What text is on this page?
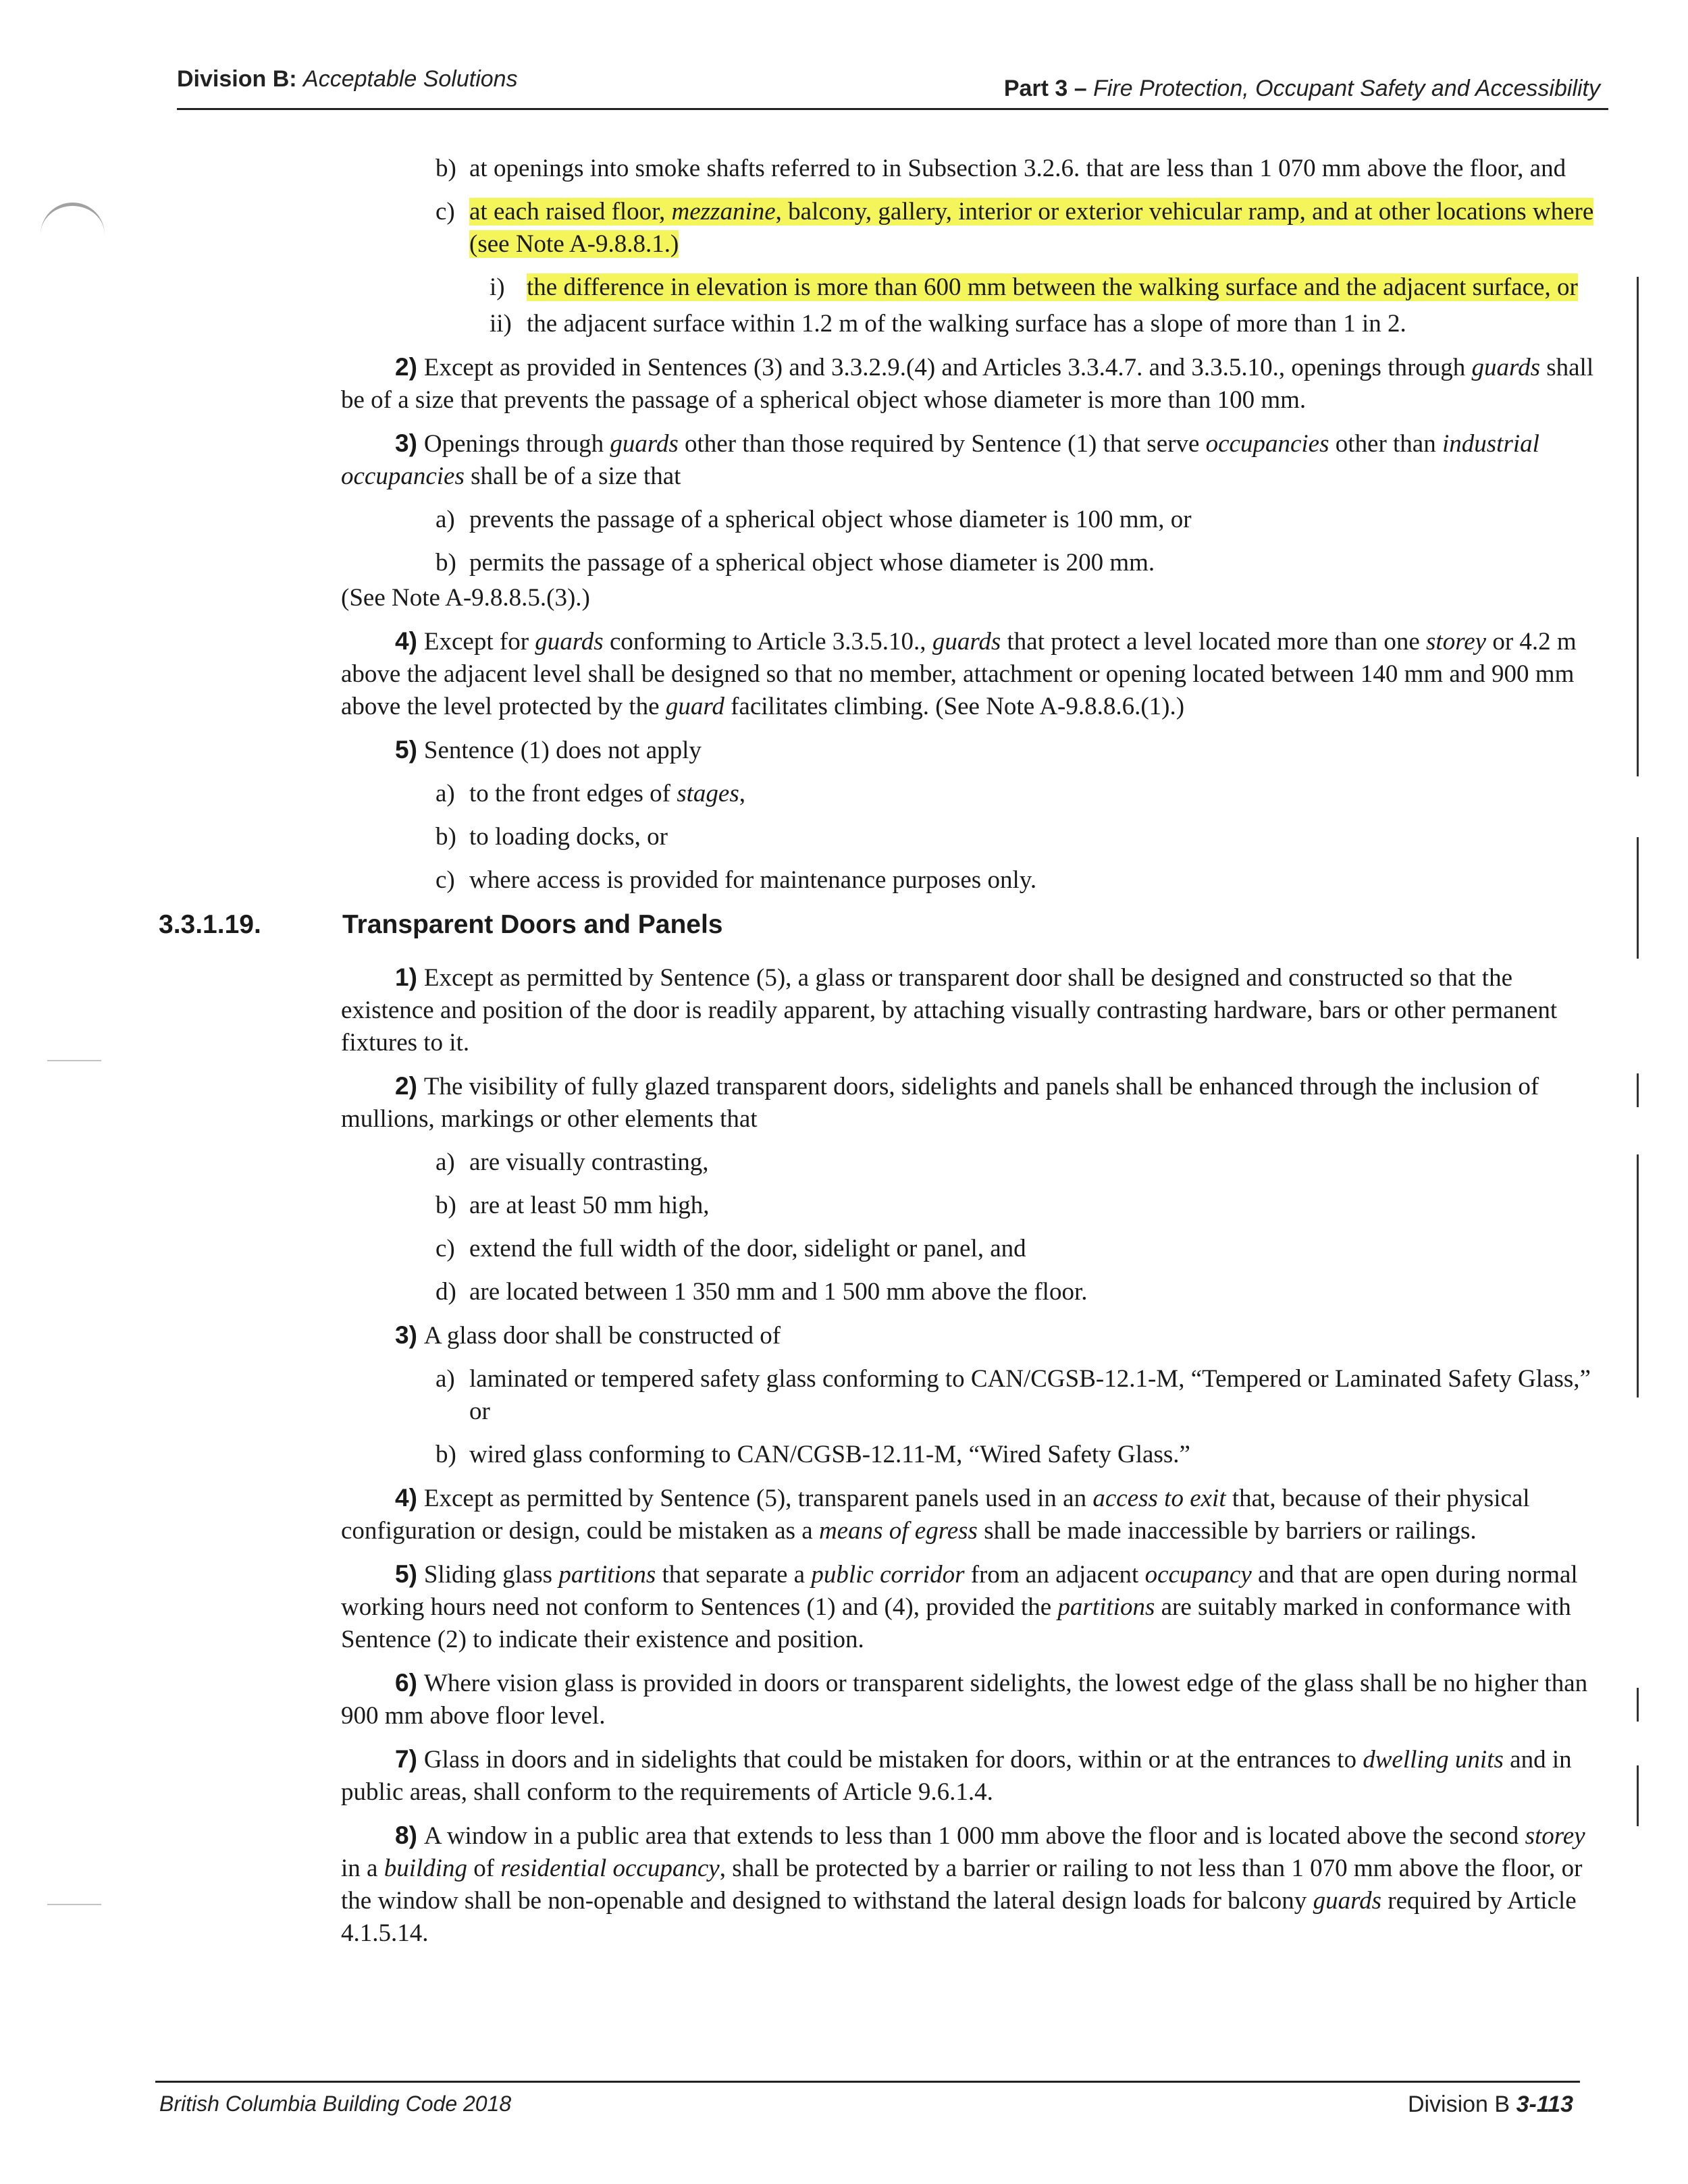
Division B: Acceptable Solutions	Part 3 – Fire Protection, Occupant Safety and Accessibility
b) at openings into smoke shafts referred to in Subsection 3.2.6. that are less than 1 070 mm above the floor, and
c) at each raised floor, mezzanine, balcony, gallery, interior or exterior vehicular ramp, and at other locations where (see Note A-9.8.8.1.)
i) the difference in elevation is more than 600 mm between the walking surface and the adjacent surface, or
ii) the adjacent surface within 1.2 m of the walking surface has a slope of more than 1 in 2.
2) Except as provided in Sentences (3) and 3.3.2.9.(4) and Articles 3.3.4.7. and 3.3.5.10., openings through guards shall be of a size that prevents the passage of a spherical object whose diameter is more than 100 mm.
3) Openings through guards other than those required by Sentence (1) that serve occupancies other than industrial occupancies shall be of a size that
a) prevents the passage of a spherical object whose diameter is 100 mm, or
b) permits the passage of a spherical object whose diameter is 200 mm.
(See Note A-9.8.8.5.(3).)
4) Except for guards conforming to Article 3.3.5.10., guards that protect a level located more than one storey or 4.2 m above the adjacent level shall be designed so that no member, attachment or opening located between 140 mm and 900 mm above the level protected by the guard facilitates climbing. (See Note A-9.8.8.6.(1).)
5) Sentence (1) does not apply
a) to the front edges of stages,
b) to loading docks, or
c) where access is provided for maintenance purposes only.
3.3.1.19.	Transparent Doors and Panels
1) Except as permitted by Sentence (5), a glass or transparent door shall be designed and constructed so that the existence and position of the door is readily apparent, by attaching visually contrasting hardware, bars or other permanent fixtures to it.
2) The visibility of fully glazed transparent doors, sidelights and panels shall be enhanced through the inclusion of mullions, markings or other elements that
a) are visually contrasting,
b) are at least 50 mm high,
c) extend the full width of the door, sidelight or panel, and
d) are located between 1 350 mm and 1 500 mm above the floor.
3) A glass door shall be constructed of
a) laminated or tempered safety glass conforming to CAN/CGSB-12.1-M, “Tempered or Laminated Safety Glass,” or
b) wired glass conforming to CAN/CGSB-12.11-M, “Wired Safety Glass.”
4) Except as permitted by Sentence (5), transparent panels used in an access to exit that, because of their physical configuration or design, could be mistaken as a means of egress shall be made inaccessible by barriers or railings.
5) Sliding glass partitions that separate a public corridor from an adjacent occupancy and that are open during normal working hours need not conform to Sentences (1) and (4), provided the partitions are suitably marked in conformance with Sentence (2) to indicate their existence and position.
6) Where vision glass is provided in doors or transparent sidelights, the lowest edge of the glass shall be no higher than 900 mm above floor level.
7) Glass in doors and in sidelights that could be mistaken for doors, within or at the entrances to dwelling units and in public areas, shall conform to the requirements of Article 9.6.1.4.
8) A window in a public area that extends to less than 1 000 mm above the floor and is located above the second storey in a building of residential occupancy, shall be protected by a barrier or railing to not less than 1 070 mm above the floor, or the window shall be non-openable and designed to withstand the lateral design loads for balcony guards required by Article 4.1.5.14.
British Columbia Building Code 2018	Division B 3-113
